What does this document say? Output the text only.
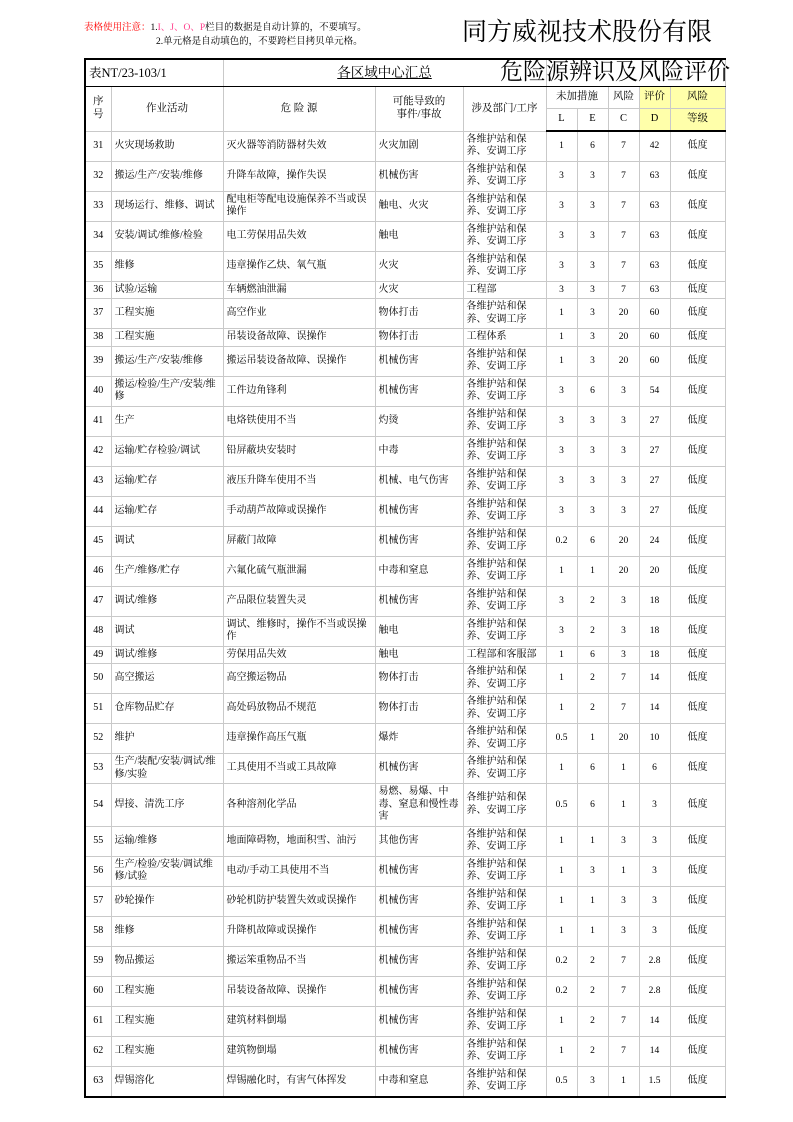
表格使用注意：1.I、J、O、P栏目的数据是自动计算的，不要填写。
2.单元格是自动填色的，不要跨栏目拷贝单元格。	同方威视技术股份有限
危险源辨识及风险评价
表NT/23-103/1		各区域中心汇总							

序
号
	作业活动	危 险 源	
可能导致的
事件/事故
	涉及部门/工序	未加措施	风险	评价	风险
					L	E	C	D	等级
31	火灾现场救助	灭火器等消防器材失效	火灾加剧	各维护站和保养、安调工序	1	6	7	42	低度
32	搬运/生产/安装/维修	升降车故障，操作失误	机械伤害	各维护站和保养、安调工序	3	3	7	63	低度
33	现场运行、维修、调试	配电柜等配电设施保养不当或误操作	触电、火灾	各维护站和保养、安调工序	3	3	7	63	低度
34	安装/调试/维修/检验	电工劳保用品失效	触电	各维护站和保养、安调工序	3	3	7	63	低度
35	维修	违章操作乙炔、氧气瓶	火灾	各维护站和保养、安调工序	3	3	7	63	低度
36	试验/运输	车辆燃油泄漏	火灾	工程部	3	3	7	63	低度
37	工程实施	高空作业	物体打击	各维护站和保养、安调工序	1	3	20	60	低度
38	工程实施	吊装设备故障、误操作	物体打击	工程体系	1	3	20	60	低度
39	搬运/生产/安装/维修	搬运吊装设备故障、误操作	机械伤害	各维护站和保养、安调工序	1	3	20	60	低度
40	搬运/检验/生产/安装/维修	工件边角锋利	机械伤害	各维护站和保养、安调工序	3	6	3	54	低度
41	生产	电烙铁使用不当	灼烫	各维护站和保养、安调工序	3	3	3	27	低度
42	运输/贮存检验/调试	铅屏蔽块安装时	中毒	各维护站和保养、安调工序	3	3	3	27	低度
43	运输/贮存	液压升降车使用不当	机械、电气伤害	各维护站和保养、安调工序	3	3	3	27	低度
44	运输/贮存	手动葫芦故障或误操作	机械伤害	各维护站和保养、安调工序	3	3	3	27	低度
45	调试	屏蔽门故障	机械伤害	各维护站和保养、安调工序	0.2	6	20	24	低度
46	生产/维修/贮存	六氟化硫气瓶泄漏	中毒和窒息	各维护站和保养、安调工序	1	1	20	20	低度
47	调试/维修	产品限位装置失灵	机械伤害	各维护站和保养、安调工序	3	2	3	18	低度
48	调试	调试、维修时，操作不当或误操作	触电	各维护站和保养、安调工序	3	2	3	18	低度
49	调试/维修	劳保用品失效	触电	工程部和客服部	1	6	3	18	低度
50	高空搬运	高空搬运物品	物体打击	各维护站和保养、安调工序	1	2	7	14	低度
51	仓库物品贮存	高处码放物品不规范	物体打击	各维护站和保养、安调工序	1	2	7	14	低度
52	维护	违章操作高压气瓶	爆炸	各维护站和保养、安调工序	0.5	1	20	10	低度
53	生产/装配/安装/调试/维修/实验	工具使用不当或工具故障	机械伤害	各维护站和保养、安调工序	1	6	1	6	低度
54	焊接、清洗工序	各种溶剂化学品	易燃、易爆、中毒、窒息和慢性毒害	各维护站和保养、安调工序	0.5	6	1	3	低度
55	运输/维修	地面障碍物，地面积雪、油污	其他伤害	各维护站和保养、安调工序	1	1	3	3	低度
56	生产/检验/安装/调试维修/试验	电动/手动工具使用不当	机械伤害	各维护站和保养、安调工序	1	3	1	3	低度
57	砂轮操作	砂轮机防护装置失效或误操作	机械伤害	各维护站和保养、安调工序	1	1	3	3	低度
58	维修	升降机故障或误操作	机械伤害	各维护站和保养、安调工序	1	1	3	3	低度
59	物品搬运	搬运笨重物品不当	机械伤害	各维护站和保养、安调工序	0.2	2	7	2.8	低度
60	工程实施	吊装设备故障、误操作	机械伤害	各维护站和保养、安调工序	0.2	2	7	2.8	低度
61	工程实施	建筑材料倒塌	机械伤害	各维护站和保养、安调工序	1	2	7	14	低度
62	工程实施	建筑物倒塌	机械伤害	各维护站和保养、安调工序	1	2	7	14	低度
63	焊锡溶化	焊锡融化时，有害气体挥发	中毒和窒息	各维护站和保养、安调工序	0.5	3	1	1.5	低度
